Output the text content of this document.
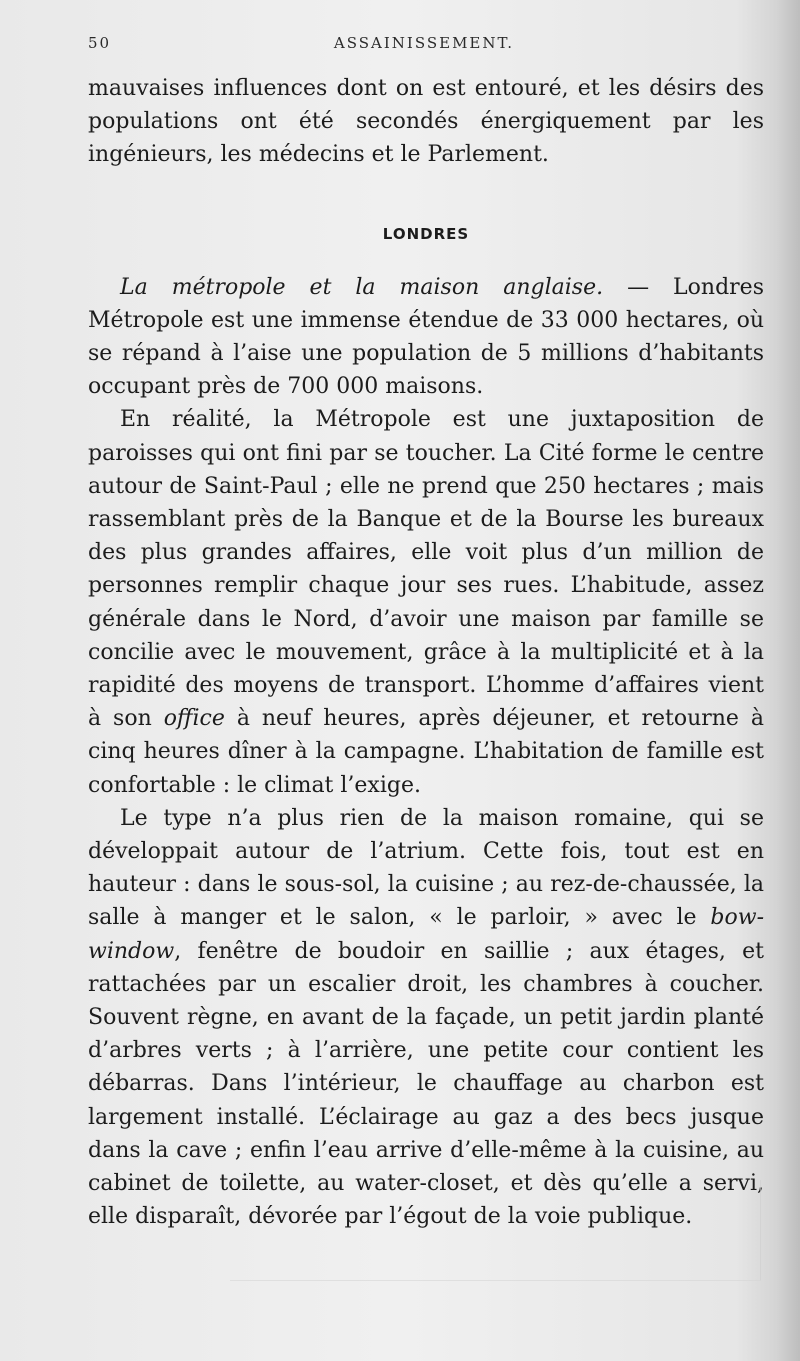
50	ASSAINISSEMENT.

mauvaises influences dont on est entouré, et les désirs des populations ont été secondés énergiquement par les ingénieurs, les médecins et le Parlement.

LONDRES

La métropole et la maison anglaise. — Londres Métropole est une immense étendue de 33 000 hectares, où se répand à l’aise une population de 5 millions d’habitants occupant près de 700 000 maisons.

En réalité, la Métropole est une juxtaposition de paroisses qui ont fini par se toucher. La Cité forme le centre autour de Saint-Paul ; elle ne prend que 250 hectares ; mais rassemblant près de la Banque et de la Bourse les bureaux des plus grandes affaires, elle voit plus d’un million de personnes remplir chaque jour ses rues. L’habitude, assez générale dans le Nord, d’avoir une maison par famille se concilie avec le mouvement, grâce à la multiplicité et à la rapidité des moyens de transport. L’homme d’affaires vient à son office à neuf heures, après déjeuner, et retourne à cinq heures dîner à la campagne. L’habitation de famille est confortable : le climat l’exige.

Le type n’a plus rien de la maison romaine, qui se développait autour de l’atrium. Cette fois, tout est en hauteur : dans le sous-sol, la cuisine ; au rez-de-chaussée, la salle à manger et le salon, « le parloir, » avec le bow-window, fenêtre de boudoir en saillie ; aux étages, et rattachées par un escalier droit, les chambres à coucher. Souvent règne, en avant de la façade, un petit jardin planté d’arbres verts ; à l’arrière, une petite cour contient les débarras. Dans l’intérieur, le chauffage au charbon est largement installé. L’éclairage au gaz a des becs jusque dans la cave ; enfin l’eau arrive d’elle-même à la cuisine, au cabinet de toilette, au water-closet, et dès qu’elle a servi, elle disparaît, dévorée par l’égout de la voie publique.
